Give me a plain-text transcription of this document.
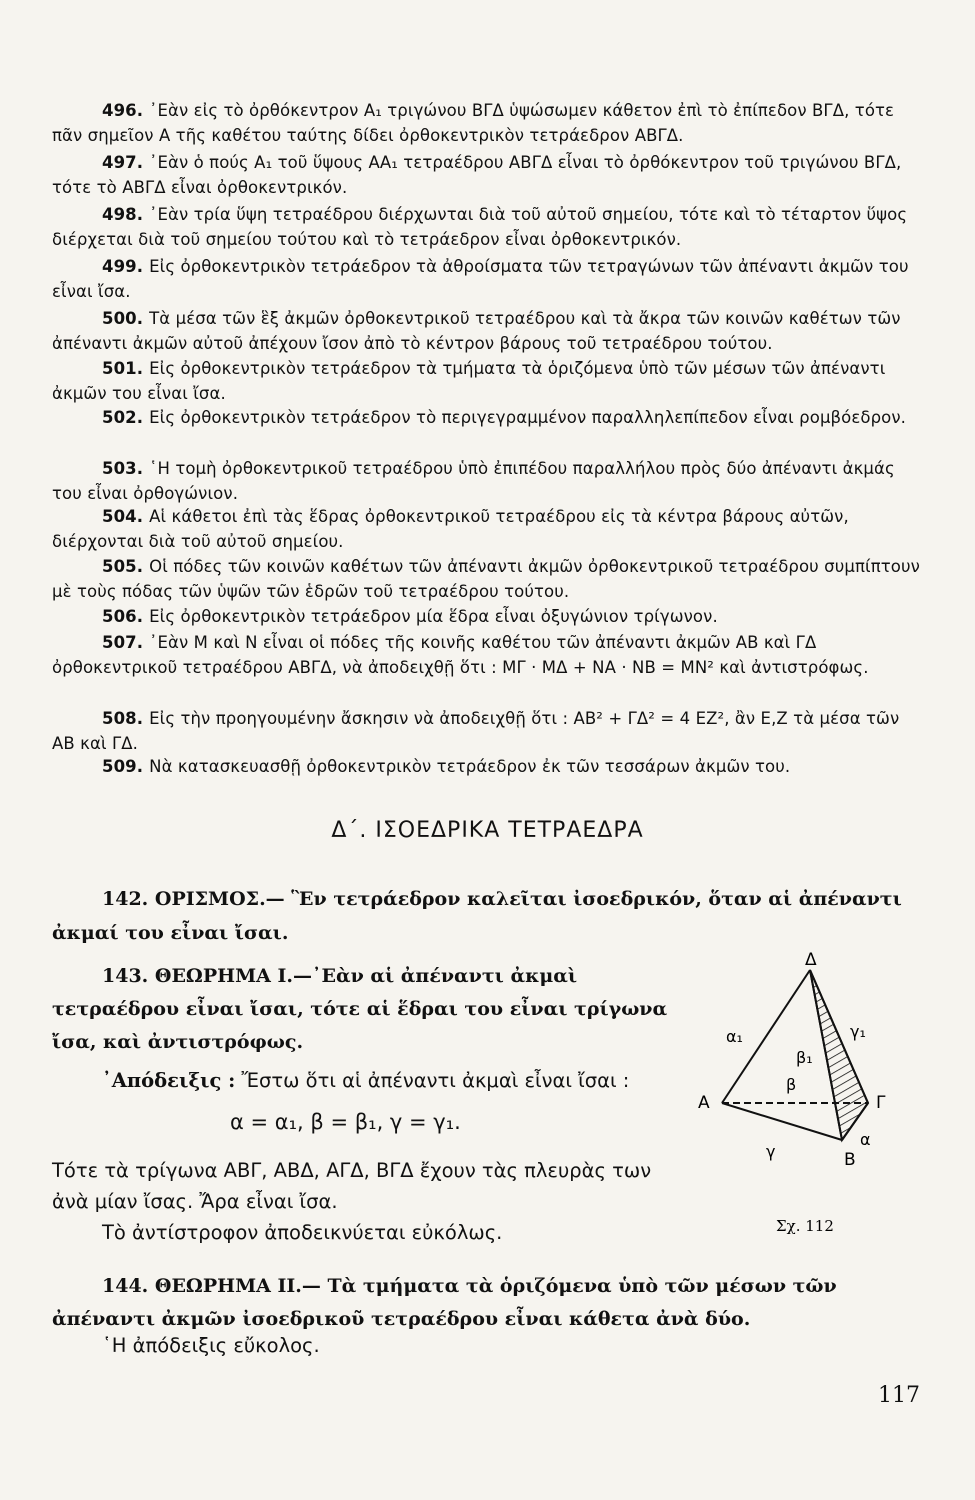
496. ᾿Εὰν εἰς τὸ ὀρθόκεντρον Α₁ τριγώνου ΒΓΔ ὑψώσωμεν κάθετον ἐπὶ τὸ ἐπίπεδον ΒΓΔ, τότε πᾶν σημεῖον Α τῆς καθέτου ταύτης δίδει ὀρθοκεντρικὸν τετράεδρον ΑΒΓΔ.
497. ᾿Εὰν ὁ πούς Α₁ τοῦ ὕψους ΑΑ₁ τετραέδρου ΑΒΓΔ εἶναι τὸ ὀρθόκεντρον τοῦ τριγώνου ΒΓΔ, τότε τὸ ΑΒΓΔ εἶναι ὀρθοκεντρικόν.
498. ᾿Εὰν τρία ὕψη τετραέδρου διέρχωνται διὰ τοῦ αὐτοῦ σημείου, τότε καὶ τὸ τέταρτον ὕψος διέρχεται διὰ τοῦ σημείου τούτου καὶ τὸ τετράεδρον εἶναι ὀρθοκεντρικόν.
499. Εἰς ὀρθοκεντρικὸν τετράεδρον τὰ ἀθροίσματα τῶν τετραγώνων τῶν ἀπέναντι ἀκμῶν του εἶναι ἴσα.
500. Τὰ μέσα τῶν ἓξ ἀκμῶν ὀρθοκεντρικοῦ τετραέδρου καὶ τὰ ἄκρα τῶν κοινῶν καθέτων τῶν ἀπέναντι ἀκμῶν αὐτοῦ ἀπέχουν ἴσον ἀπὸ τὸ κέντρον βάρους τοῦ τετραέδρου τούτου.
501. Εἰς ὀρθοκεντρικὸν τετράεδρον τὰ τμήματα τὰ ὁριζόμενα ὑπὸ τῶν μέσων τῶν ἀπέναντι ἀκμῶν του εἶναι ἴσα.
502. Εἰς ὀρθοκεντρικὸν τετράεδρον τὸ περιγεγραμμένον παραλληλεπίπεδον εἶναι ρομβόεδρον.
503. ῾Η τομὴ ὀρθοκεντρικοῦ τετραέδρου ὑπὸ ἐπιπέδου παραλλήλου πρὸς δύο ἀπέναντι ἀκμάς του εἶναι ὀρθογώνιον.
504. Αἱ κάθετοι ἐπὶ τὰς ἕδρας ὀρθοκεντρικοῦ τετραέδρου εἰς τὰ κέντρα βάρους αὐτῶν, διέρχονται διὰ τοῦ αὐτοῦ σημείου.
505. Οἱ πόδες τῶν κοινῶν καθέτων τῶν ἀπέναντι ἀκμῶν ὀρθοκεντρικοῦ τετραέδρου συμπίπτουν μὲ τοὺς πόδας τῶν ὑψῶν τῶν ἑδρῶν τοῦ τετραέδρου τούτου.
506. Εἰς ὀρθοκεντρικὸν τετράεδρον μία ἕδρα εἶναι ὀξυγώνιον τρίγωνον.
507. ᾿Εὰν Μ καὶ Ν εἶναι οἱ πόδες τῆς κοινῆς καθέτου τῶν ἀπέναντι ἀκμῶν ΑΒ καὶ ΓΔ ὀρθοκεντρικοῦ τετραέδρου ΑΒΓΔ, νὰ ἀποδειχθῇ ὅτι : ΜΓ · ΜΔ + ΝΑ · ΝΒ = ΜΝ² καὶ ἀντιστρόφως.
508. Εἰς τὴν προηγουμένην ἄσκησιν νὰ ἀποδειχθῇ ὅτι : ΑΒ² + ΓΔ² = 4 ΕΖ², ἂν Ε,Ζ τὰ μέσα τῶν ΑΒ καὶ ΓΔ.
509. Νὰ κατασκευασθῇ ὀρθοκεντρικὸν τετράεδρον ἐκ τῶν τεσσάρων ἀκμῶν του.
Δ΄. ΙΣΟΕΔΡΙΚΑ ΤΕΤΡΑΕΔΡΑ
142. ΟΡΙΣΜΟΣ.— Ἓν τετράεδρον καλεῖται ἰσοεδρικόν, ὅταν αἱ ἀπέναντι ἀκμαί του εἶναι ἴσαι.
143. ΘΕΩΡΗΜΑ Ι.—᾿Εὰν αἱ ἀπέναντι ἀκμαὶ τετραέδρου εἶναι ἴσαι, τότε αἱ ἕδραι του εἶναι τρίγωνα ἴσα, καὶ ἀντιστρόφως.
᾿Απόδειξις : Ἔστω ὅτι αἱ ἀπέναντι ἀκμαὶ εἶναι ἴσαι :
α = α₁, β = β₁, γ = γ₁.
Τότε τὰ τρίγωνα ΑΒΓ, ΑΒΔ, ΑΓΔ, ΒΓΔ ἔχουν τὰς πλευρὰς των ἀνὰ μίαν ἴσας. Ἄρα εἶναι ἴσα.
Τὸ ἀντίστροφον ἀποδεικνύεται εὐκόλως.
Δ
Α	Γ
Β
α₁	γ₁
β₁
β
γ
α
Σχ. 112
144. ΘΕΩΡΗΜΑ ΙΙ.— Τὰ τμήματα τὰ ὁριζόμενα ὑπὸ τῶν μέσων τῶν ἀπέναντι ἀκμῶν ἰσοεδρικοῦ τετραέδρου εἶναι κάθετα ἀνὰ δύο.
῾Η ἀπόδειξις εὔκολος.
117
